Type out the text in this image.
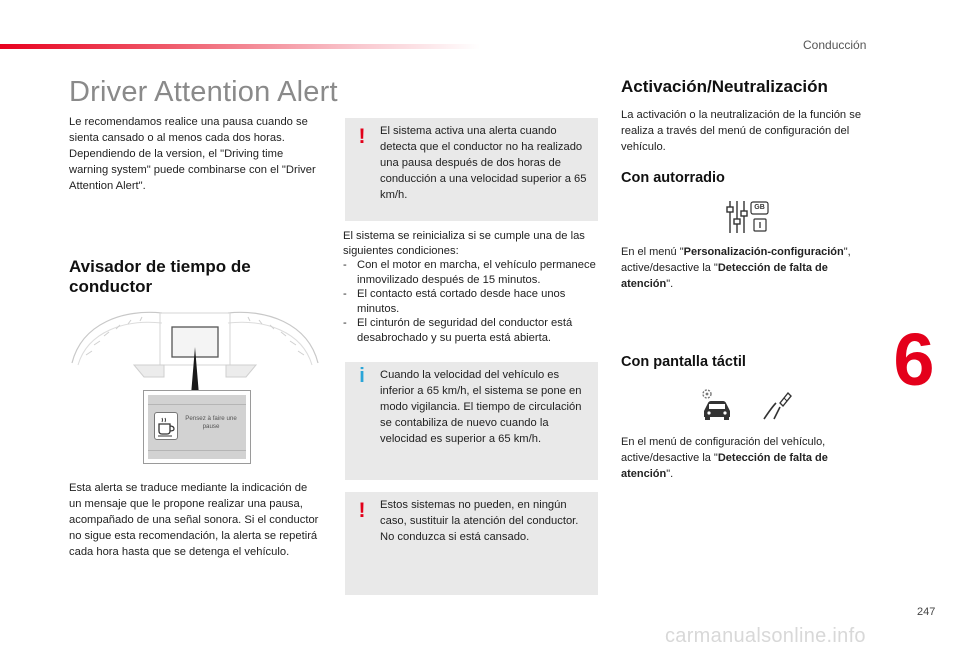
Conducción
Driver Attention Alert
Le recomendamos realice una pausa cuando se sienta cansado o al menos cada dos horas. Dependiendo de la version, el "Driving time warning system" puede combinarse con el "Driver Attention Alert".
Avisador de tiempo de conductor
Pensez à faire une pause
Esta alerta se traduce mediante la indicación de un mensaje que le propone realizar una pausa, acompañado de una señal sonora. Si el conductor no sigue esta recomendación, la alerta se repetirá cada hora hasta que se detenga el vehículo.
! El sistema activa una alerta cuando detecta que el conductor no ha realizado una pausa después de dos horas de conducción a una velocidad superior a 65 km/h.
El sistema se reinicializa si se cumple una de las siguientes condiciones:
- Con el motor en marcha, el vehículo permanece inmovilizado después de 15 minutos.
- El contacto está cortado desde hace unos minutos.
- El cinturón de seguridad del conductor está desabrochado y su puerta está abierta.
i Cuando la velocidad del vehículo es inferior a 65 km/h, el sistema se pone en modo vigilancia. El tiempo de circulación se contabiliza de nuevo cuando la velocidad es superior a 65 km/h.
! Estos sistemas no pueden, en ningún caso, sustituir la atención del conductor. No conduzca si está cansado.
Activación/Neutralización
La activación o la neutralización de la función se realiza a través del menú de configuración del vehículo.
Con autorradio
GB
En el menú "Personalización-configuración", active/desactive la "Detección de falta de atención".
Con pantalla táctil
En el menú de configuración del vehículo, active/desactive la "Detección de falta de atención".
6
247
carmanualsonline.info
